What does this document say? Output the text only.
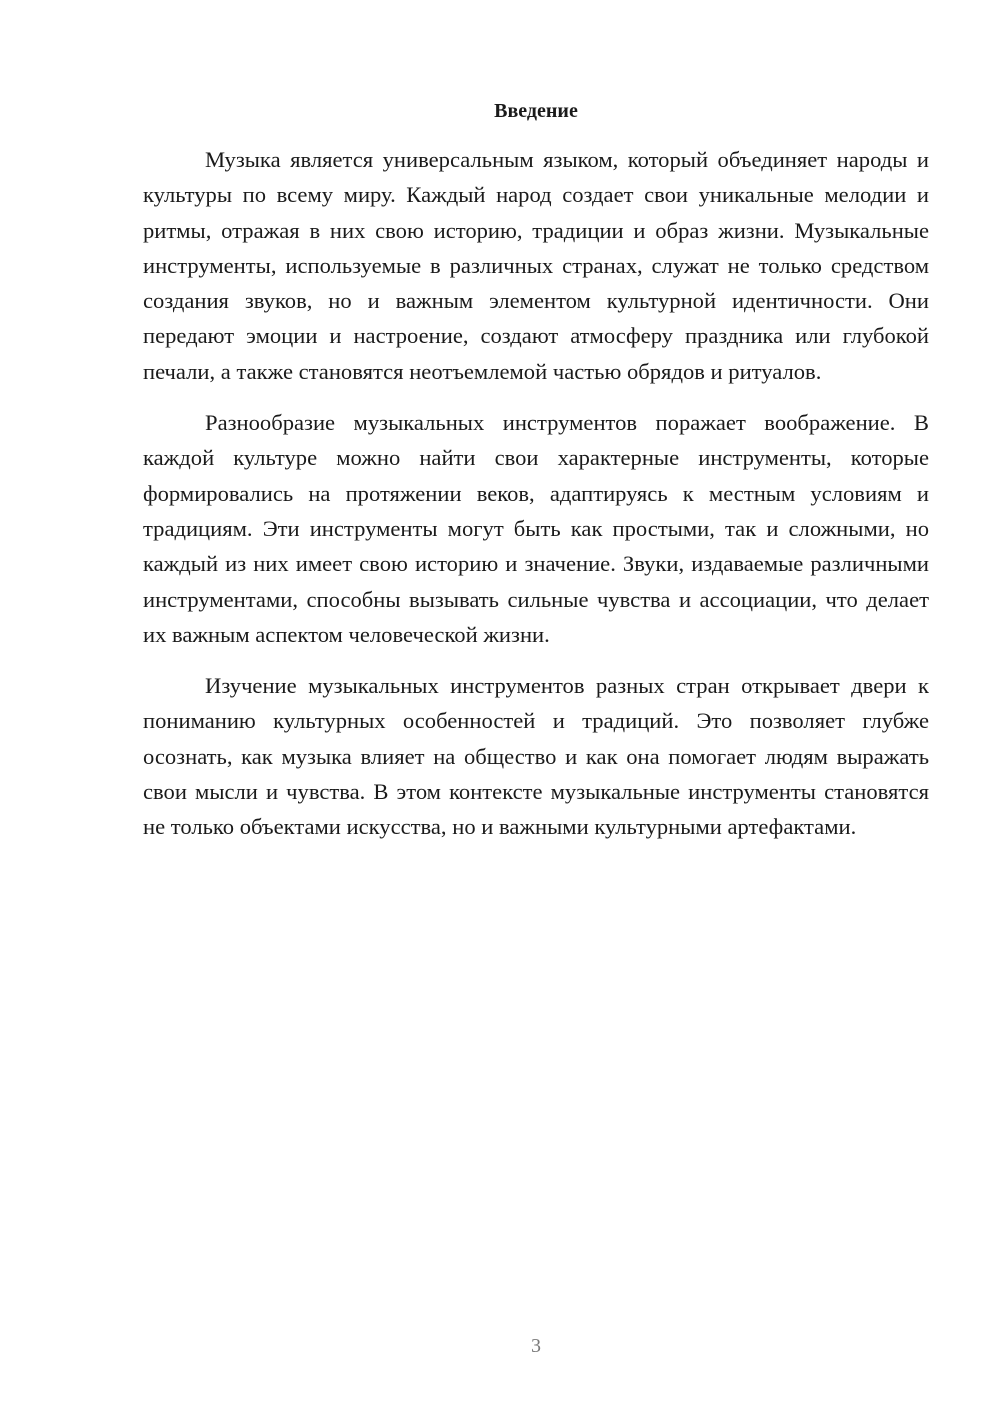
Введение

Музыка является универсальным языком, который объединяет народы и культуры по всему миру. Каждый народ создает свои уникальные мелодии и ритмы, отражая в них свою историю, традиции и образ жизни. Музыкальные инструменты, используемые в различных странах, служат не только средством создания звуков, но и важным элементом культурной идентичности. Они передают эмоции и настроение, создают атмосферу праздника или глубокой печали, а также становятся неотъемлемой частью обрядов и ритуалов.

Разнообразие музыкальных инструментов поражает воображение. В каждой культуре можно найти свои характерные инструменты, которые формировались на протяжении веков, адаптируясь к местным условиям и традициям. Эти инструменты могут быть как простыми, так и сложными, но каждый из них имеет свою историю и значение. Звуки, издаваемые различными инструментами, способны вызывать сильные чувства и ассоциации, что делает их важным аспектом человеческой жизни.

Изучение музыкальных инструментов разных стран открывает двери к пониманию культурных особенностей и традиций. Это позволяет глубже осознать, как музыка влияет на общество и как она помогает людям выражать свои мысли и чувства. В этом контексте музыкальные инструменты становятся не только объектами искусства, но и важными культурными артефактами.

3
